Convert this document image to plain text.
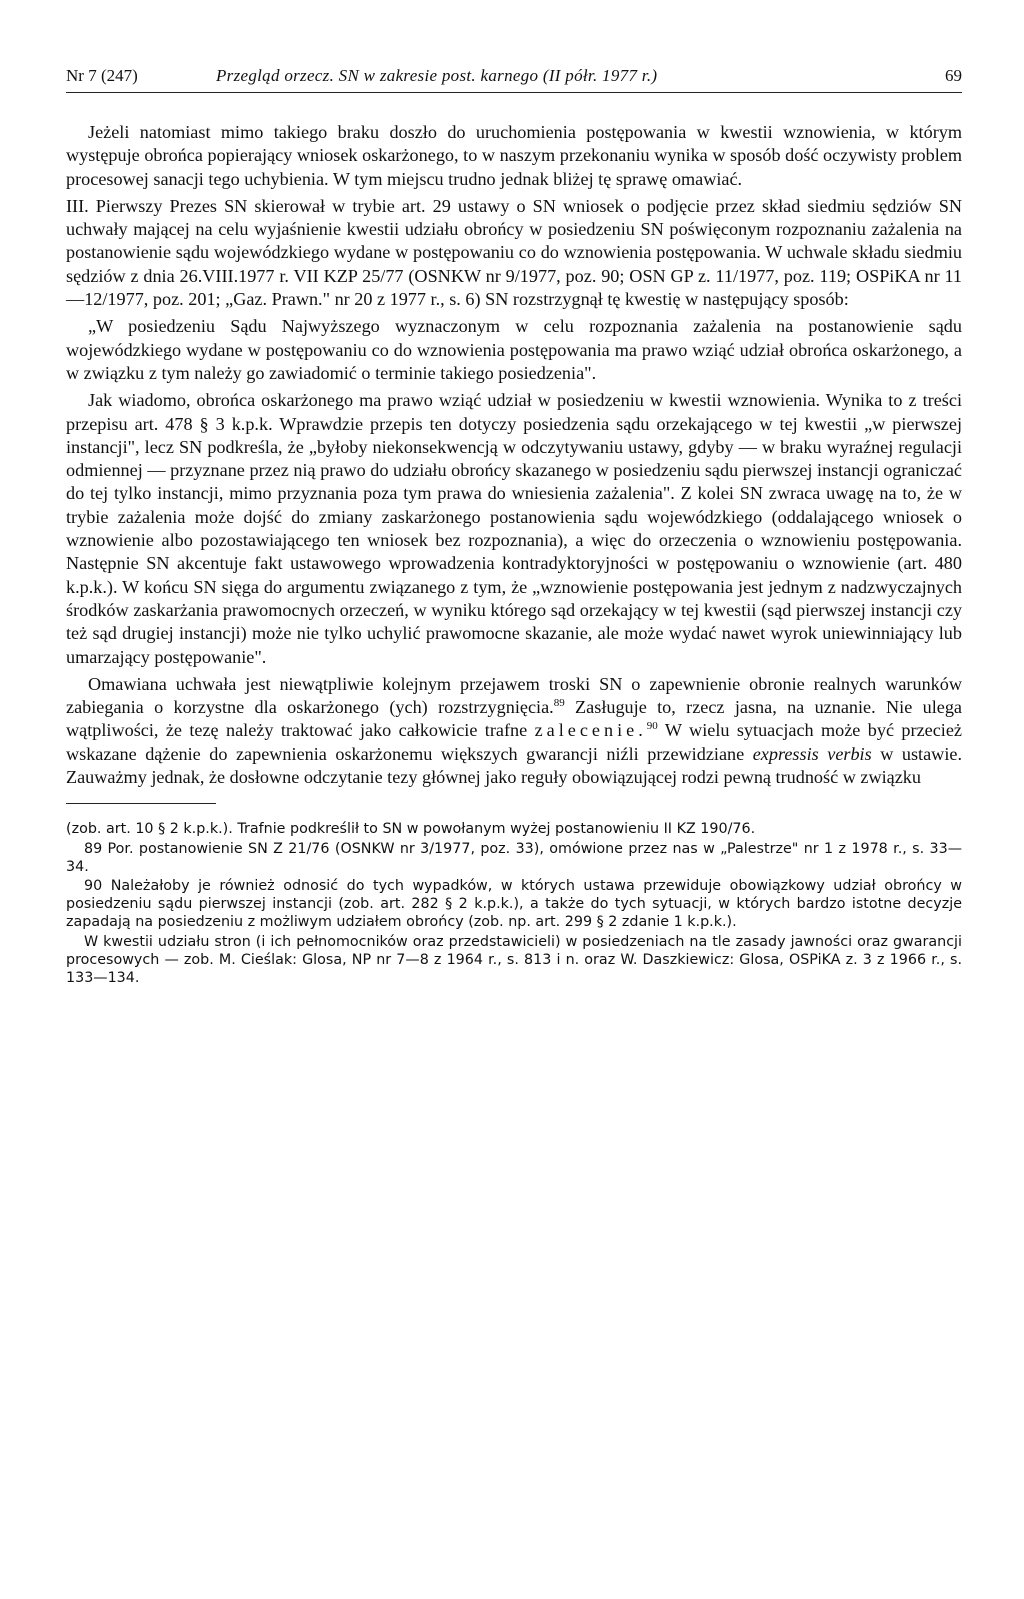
Nr 7 (247)	Przegląd orzecz. SN w zakresie post. karnego (II półr. 1977 r.)	69

Jeżeli natomiast mimo takiego braku doszło do uruchomienia postępowania w kwestii wznowienia, w którym występuje obrońca popierający wniosek oskarżonego, to w naszym przekonaniu wynika w sposób dość oczywisty problem procesowej sanacji tego uchybienia. W tym miejscu trudno jednak bliżej tę sprawę omawiać.

III. Pierwszy Prezes SN skierował w trybie art. 29 ustawy o SN wniosek o podjęcie przez skład siedmiu sędziów SN uchwały mającej na celu wyjaśnienie kwestii udziału obrońcy w posiedzeniu SN poświęconym rozpoznaniu zażalenia na postanowienie sądu wojewódzkiego wydane w postępowaniu co do wznowienia postępowania. W uchwale składu siedmiu sędziów z dnia 26.VIII.1977 r. VII KZP 25/77 (OSNKW nr 9/1977, poz. 90; OSN GP z. 11/1977, poz. 119; OSPiKA nr 11—12/1977, poz. 201; „Gaz. Prawn." nr 20 z 1977 r., s. 6) SN rozstrzygnął tę kwestię w następujący sposób:

„W posiedzeniu Sądu Najwyższego wyznaczonym w celu rozpoznania zażalenia na postanowienie sądu wojewódzkiego wydane w postępowaniu co do wznowienia postępowania ma prawo wziąć udział obrońca oskarżonego, a w związku z tym należy go zawiadomić o terminie takiego posiedzenia".

Jak wiadomo, obrońca oskarżonego ma prawo wziąć udział w posiedzeniu w kwestii wznowienia. Wynika to z treści przepisu art. 478 § 3 k.p.k. Wprawdzie przepis ten dotyczy posiedzenia sądu orzekającego w tej kwestii „w pierwszej instancji", lecz SN podkreśla, że „byłoby niekonsekwencją w odczytywaniu ustawy, gdyby — w braku wyraźnej regulacji odmiennej — przyznane przez nią prawo do udziału obrońcy skazanego w posiedzeniu sądu pierwszej instancji ograniczać do tej tylko instancji, mimo przyznania poza tym prawa do wniesienia zażalenia". Z kolei SN zwraca uwagę na to, że w trybie zażalenia może dojść do zmiany zaskarżonego postanowienia sądu wojewódzkiego (oddalającego wniosek o wznowienie albo pozostawiającego ten wniosek bez rozpoznania), a więc do orzeczenia o wznowieniu postępowania. Następnie SN akcentuje fakt ustawowego wprowadzenia kontradyktoryjności w postępowaniu o wznowienie (art. 480 k.p.k.). W końcu SN sięga do argumentu związanego z tym, że „wznowienie postępowania jest jednym z nadzwyczajnych środków zaskarżania prawomocnych orzeczeń, w wyniku którego sąd orzekający w tej kwestii (sąd pierwszej instancji czy też sąd drugiej instancji) może nie tylko uchylić prawomocne skazanie, ale może wydać nawet wyrok uniewinniający lub umarzający postępowanie".

Omawiana uchwała jest niewątpliwie kolejnym przejawem troski SN o zapewnienie obronie realnych warunków zabiegania o korzystne dla oskarżonego (ych) rozstrzygnięcia.$^{89}$ Zasługuje to, rzecz jasna, na uznanie. Nie ulega wątpliwości, że tezę należy traktować jako całkowicie trafne zalecenie.$^{90}$ W wielu sytuacjach może być przecież wskazane dążenie do zapewnienia oskarżonemu większych gwarancji niźli przewidziane expressis verbis w ustawie. Zauważmy jednak, że dosłowne odczytanie tezy głównej jako reguły obowiązującej rodzi pewną trudność w związku

(zob. art. 10 § 2 k.p.k.). Trafnie podkreślił to SN w powołanym wyżej postanowieniu II KZ 190/76.

89 Por. postanowienie SN Z 21/76 (OSNKW nr 3/1977, poz. 33), omówione przez nas w „Palestrze" nr 1 z 1978 r., s. 33—34.

90 Należałoby je również odnosić do tych wypadków, w których ustawa przewiduje obowiązkowy udział obrońcy w posiedzeniu sądu pierwszej instancji (zob. art. 282 § 2 k.p.k.), a także do tych sytuacji, w których bardzo istotne decyzje zapadają na posiedzeniu z możliwym udziałem obrońcy (zob. np. art. 299 § 2 zdanie 1 k.p.k.).

W kwestii udziału stron (i ich pełnomocników oraz przedstawicieli) w posiedzeniach na tle zasady jawności oraz gwarancji procesowych — zob. M. Cieślak: Glosa, NP nr 7—8 z 1964 r., s. 813 i n. oraz W. Daszkiewicz: Glosa, OSPiKA z. 3 z 1966 r., s. 133—134.
